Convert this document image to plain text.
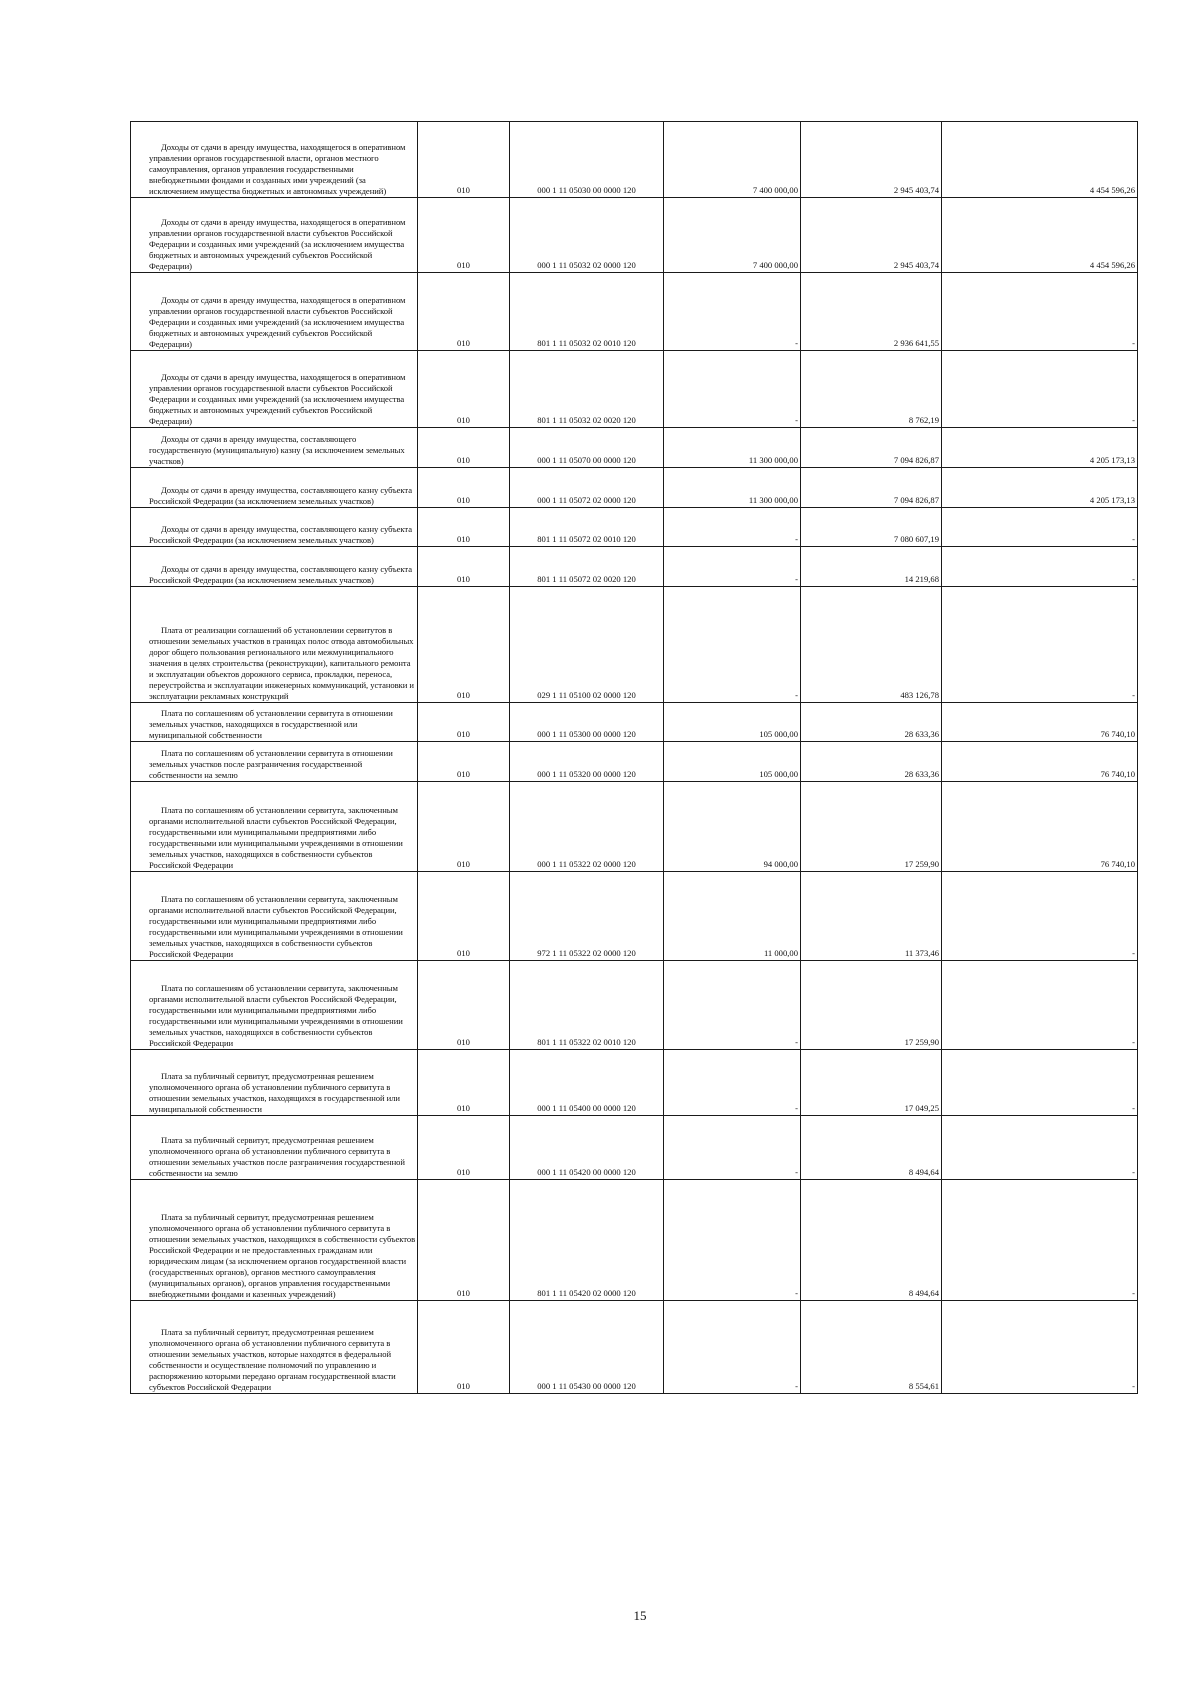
Доходы от сдачи в аренду имущества, находящегося в оперативном управлении органов государственной власти, органов местного самоуправления, органов управления государственными внебюджетными фондами и созданных ими учреждений (за исключением имущества бюджетных и автономных учреждений)	010	000 1 11 05030 00 0000 120	7 400 000,00	2 945 403,74	4 454 596,26

Доходы от сдачи в аренду имущества, находящегося в оперативном управлении органов государственной власти субъектов Российской Федерации и созданных ими учреждений (за исключением имущества бюджетных и автономных учреждений субъектов Российской Федерации)	010	000 1 11 05032 02 0000 120	7 400 000,00	2 945 403,74	4 454 596,26

Доходы от сдачи в аренду имущества, находящегося в оперативном управлении органов государственной власти субъектов Российской Федерации и созданных ими учреждений (за исключением имущества бюджетных и автономных учреждений субъектов Российской Федерации)	010	801 1 11 05032 02 0010 120	-	2 936 641,55	-

Доходы от сдачи в аренду имущества, находящегося в оперативном управлении органов государственной власти субъектов Российской Федерации и созданных ими учреждений (за исключением имущества бюджетных и автономных учреждений субъектов Российской Федерации)	010	801 1 11 05032 02 0020 120	-	8 762,19	-

Доходы от сдачи в аренду имущества, составляющего государственную (муниципальную) казну (за исключением земельных участков)	010	000 1 11 05070 00 0000 120	11 300 000,00	7 094 826,87	4 205 173,13

Доходы от сдачи в аренду имущества, составляющего казну субъекта Российской Федерации (за исключением земельных участков)	010	000 1 11 05072 02 0000 120	11 300 000,00	7 094 826,87	4 205 173,13

Доходы от сдачи в аренду имущества, составляющего казну субъекта Российской Федерации (за исключением земельных участков)	010	801 1 11 05072 02 0010 120	-	7 080 607,19	-

Доходы от сдачи в аренду имущества, составляющего казну субъекта Российской Федерации (за исключением земельных участков)	010	801 1 11 05072 02 0020 120	-	14 219,68	-

Плата от реализации соглашений об установлении сервитутов в отношении земельных участков в границах полос отвода автомобильных дорог общего пользования регионального или межмуниципального значения в целях строительства (реконструкции), капитального ремонта и эксплуатации объектов дорожного сервиса, прокладки, переноса, переустройства и эксплуатации инженерных коммуникаций, установки и эксплуатации рекламных конструкций	010	029 1 11 05100 02 0000 120	-	483 126,78	-

Плата по соглашениям об установлении сервитута в отношении земельных участков, находящихся в государственной или муниципальной собственности	010	000 1 11 05300 00 0000 120	105 000,00	28 633,36	76 740,10

Плата по соглашениям об установлении сервитута в отношении земельных участков после разграничения государственной собственности на землю	010	000 1 11 05320 00 0000 120	105 000,00	28 633,36	76 740,10

Плата по соглашениям об установлении сервитута, заключенным органами исполнительной власти субъектов Российской Федерации, государственными или муниципальными предприятиями либо государственными или муниципальными учреждениями в отношении земельных участков, находящихся в собственности субъектов Российской Федерации	010	000 1 11 05322 02 0000 120	94 000,00	17 259,90	76 740,10

Плата по соглашениям об установлении сервитута, заключенным органами исполнительной власти субъектов Российской Федерации, государственными или муниципальными предприятиями либо государственными или муниципальными учреждениями в отношении земельных участков, находящихся в собственности субъектов Российской Федерации	010	972 1 11 05322 02 0000 120	11 000,00	11 373,46	-

Плата по соглашениям об установлении сервитута, заключенным органами исполнительной власти субъектов Российской Федерации, государственными или муниципальными предприятиями либо государственными или муниципальными учреждениями в отношении земельных участков, находящихся в собственности субъектов Российской Федерации	010	801 1 11 05322 02 0010 120	-	17 259,90	-

Плата за публичный сервитут, предусмотренная решением уполномоченного органа об установлении публичного сервитута в отношении земельных участков, находящихся в государственной или муниципальной собственности	010	000 1 11 05400 00 0000 120	-	17 049,25	-

Плата за публичный сервитут, предусмотренная решением уполномоченного органа об установлении публичного сервитута в отношении земельных участков после разграничения государственной собственности на землю	010	000 1 11 05420 00 0000 120	-	8 494,64	-

Плата за публичный сервитут, предусмотренная решением уполномоченного органа об установлении публичного сервитута в отношении земельных участков, находящихся в собственности субъектов Российской Федерации и не предоставленных гражданам или юридическим лицам (за исключением органов государственной власти (государственных органов), органов местного самоуправления (муниципальных органов), органов управления государственными внебюджетными фондами и казенных учреждений)	010	801 1 11 05420 02 0000 120	-	8 494,64	-

Плата за публичный сервитут, предусмотренная решением уполномоченного органа об установлении публичного сервитута в отношении земельных участков, которые находятся в федеральной собственности и осуществление полномочий по управлению и распоряжению которыми передано органам государственной власти субъектов Российской Федерации	010	000 1 11 05430 00 0000 120	-	8 554,61	-
15
